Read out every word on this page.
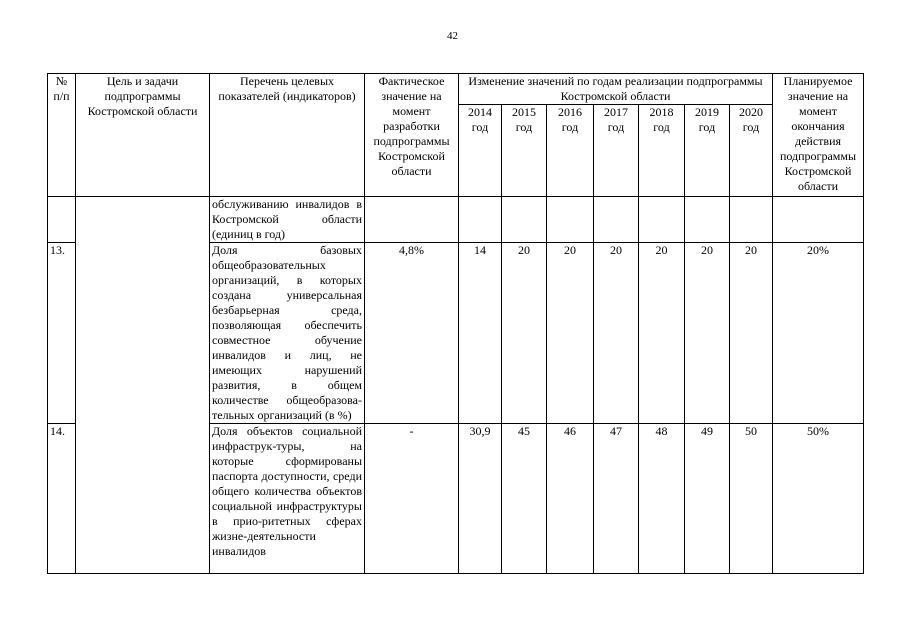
42
№ п/п	Цель и задачи подпрограммы Костромской области	Перечень целевых показателей (индикаторов)	Фактическое значение на момент разработки подпрограммы Костромской области	Изменение значений по годам реализации подпрограммы Костромской области							Планируемое значение на момент окончания действия подпрограммы Костромской области
				2014 год	2015 год	2016 год	2017 год	2018 год	2019 год	2020 год	
		обслуживанию инвалидов в Костромской области (единиц в год)									
13.		Доля базовых общеобразовательных организаций, в которых создана универсальная безбарьерная среда, позволяющая обеспечить совместное обучение инвалидов и лиц, не имеющих нарушений развития, в общем количестве общеобразова-тельных организаций (в %)	4,8%	14	20	20	20	20	20	20	20%
14.		Доля объектов социальной инфраструк-туры, на которые сформированы паспорта доступности, среди общего количества объектов социальной инфраструктуры в прио-ритетных сферах жизне-деятельности инвалидов	-	30,9	45	46	47	48	49	50	50%
